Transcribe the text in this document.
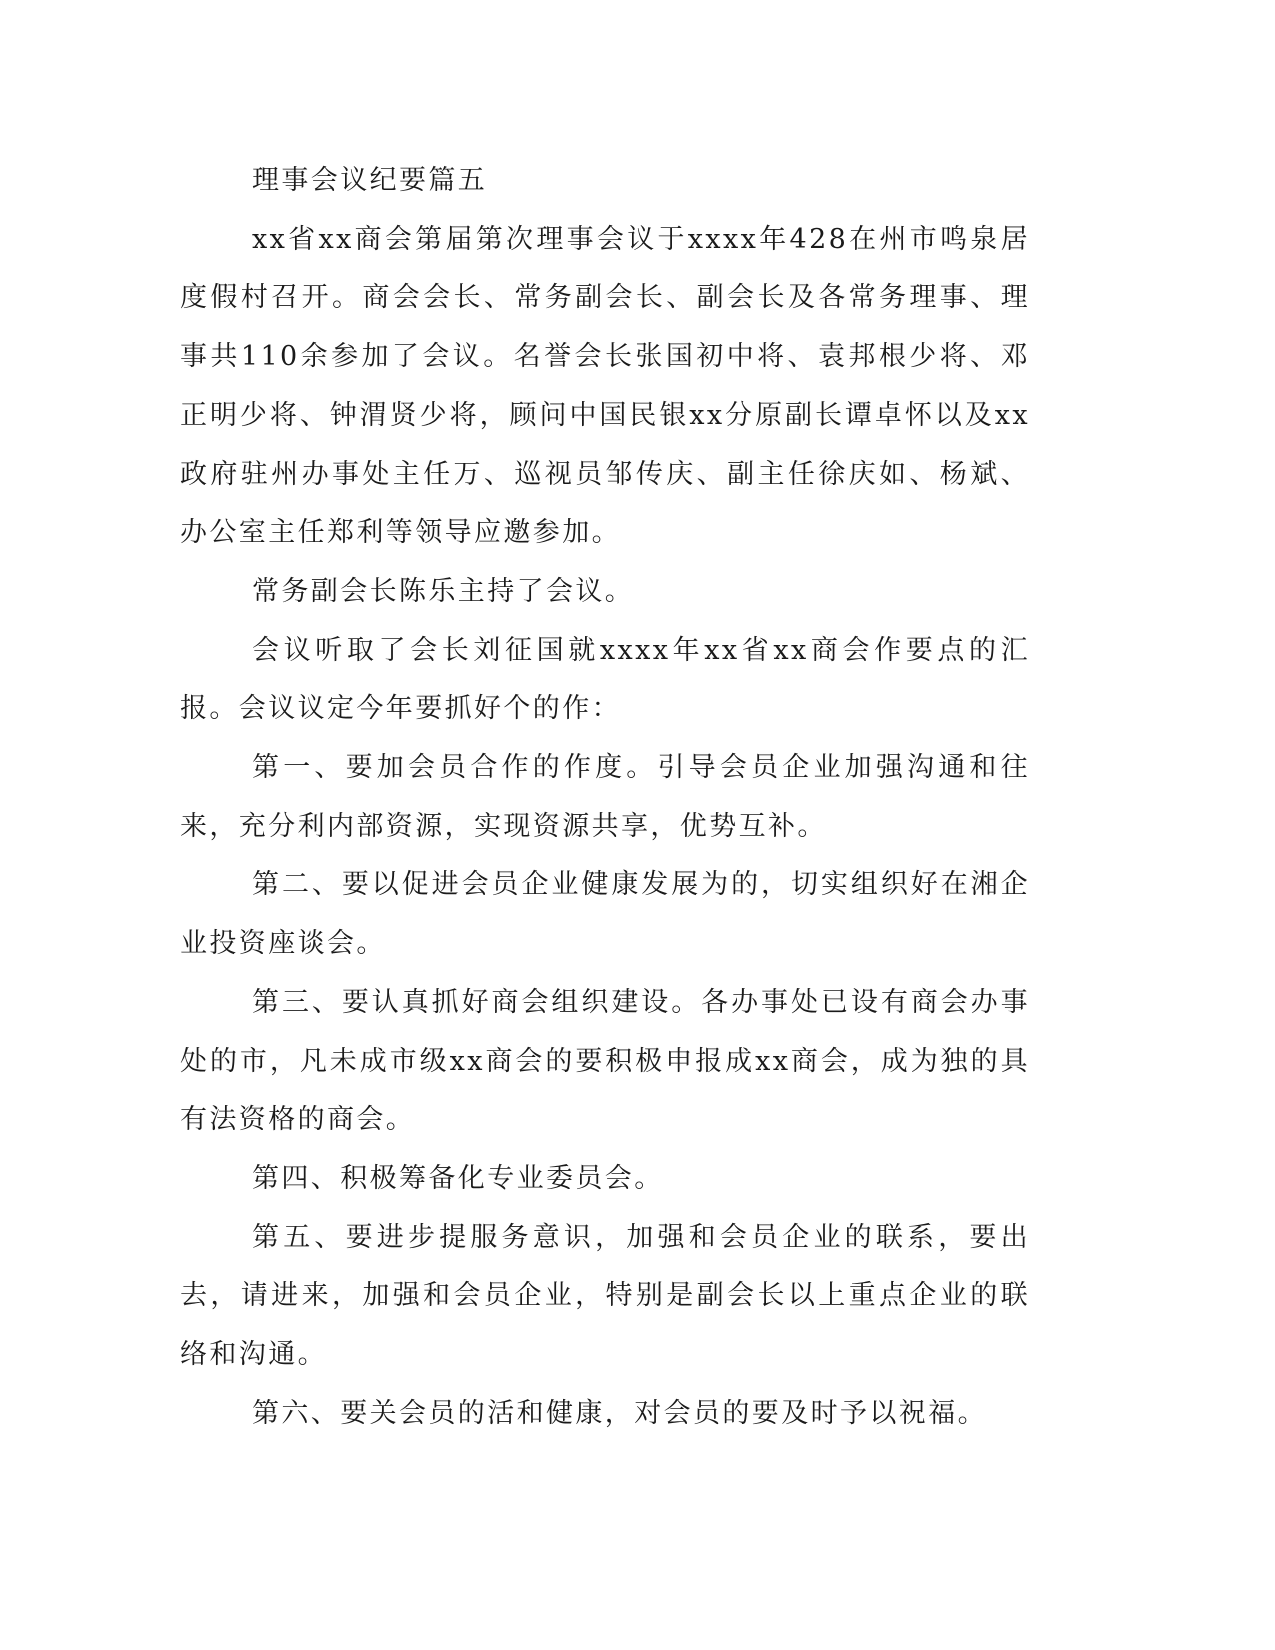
理事会议纪要篇五

xx省xx商会第届第次理事会议于xxxx年428在州市鸣泉居度假村召开。商会会长、常务副会长、副会长及各常务理事、理事共110余参加了会议。名誉会长张国初中将、袁邦根少将、邓正明少将、钟渭贤少将，顾问中国民银xx分原副长谭卓怀以及xx政府驻州办事处主任万、巡视员邹传庆、副主任徐庆如、杨斌、办公室主任郑利等领导应邀参加。

常务副会长陈乐主持了会议。

会议听取了会长刘征国就xxxx年xx省xx商会作要点的汇报。会议议定今年要抓好个的作：

第一、要加会员合作的作度。引导会员企业加强沟通和往来，充分利内部资源，实现资源共享，优势互补。

第二、要以促进会员企业健康发展为的，切实组织好在湘企业投资座谈会。

第三、要认真抓好商会组织建设。各办事处已设有商会办事处的市，凡未成市级xx商会的要积极申报成xx商会，成为独的具有法资格的商会。

第四、积极筹备化专业委员会。

第五、要进步提服务意识，加强和会员企业的联系，要出去，请进来，加强和会员企业，特别是副会长以上重点企业的联络和沟通。

第六、要关会员的活和健康，对会员的要及时予以祝福。
